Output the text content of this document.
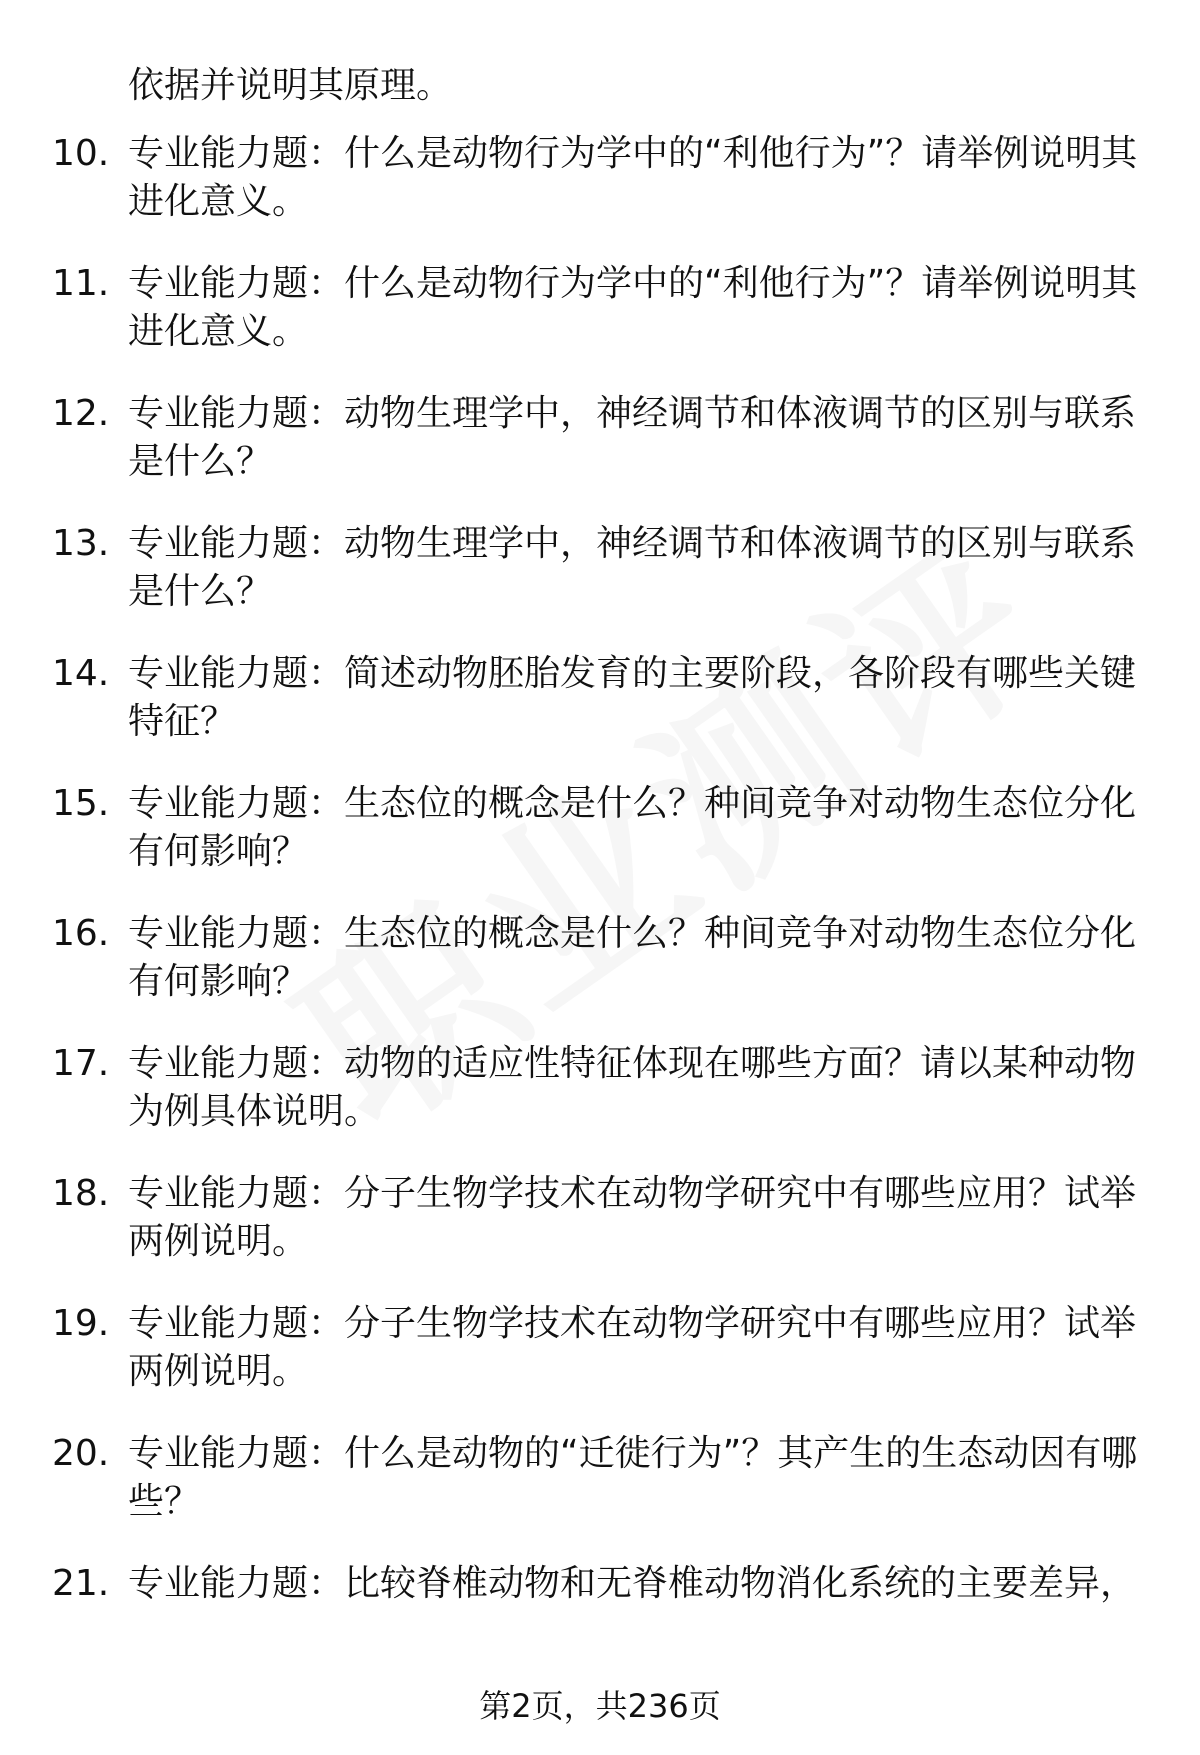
依据并说明其原理。
10. 专业能力题：什么是动物行为学中的“利他行为”？请举例说明其进化意义。
11. 专业能力题：什么是动物行为学中的“利他行为”？请举例说明其进化意义。
12. 专业能力题：动物生理学中，神经调节和体液调节的区别与联系是什么？
13. 专业能力题：动物生理学中，神经调节和体液调节的区别与联系是什么？
14. 专业能力题：简述动物胚胎发育的主要阶段，各阶段有哪些关键特征？
15. 专业能力题：生态位的概念是什么？种间竞争对动物生态位分化有何影响？
16. 专业能力题：生态位的概念是什么？种间竞争对动物生态位分化有何影响？
17. 专业能力题：动物的适应性特征体现在哪些方面？请以某种动物为例具体说明。
18. 专业能力题：分子生物学技术在动物学研究中有哪些应用？试举两例说明。
19. 专业能力题：分子生物学技术在动物学研究中有哪些应用？试举两例说明。
20. 专业能力题：什么是动物的“迁徙行为”？其产生的生态动因有哪些？
21. 专业能力题：比较脊椎动物和无脊椎动物消化系统的主要差异，
第2页，共236页
